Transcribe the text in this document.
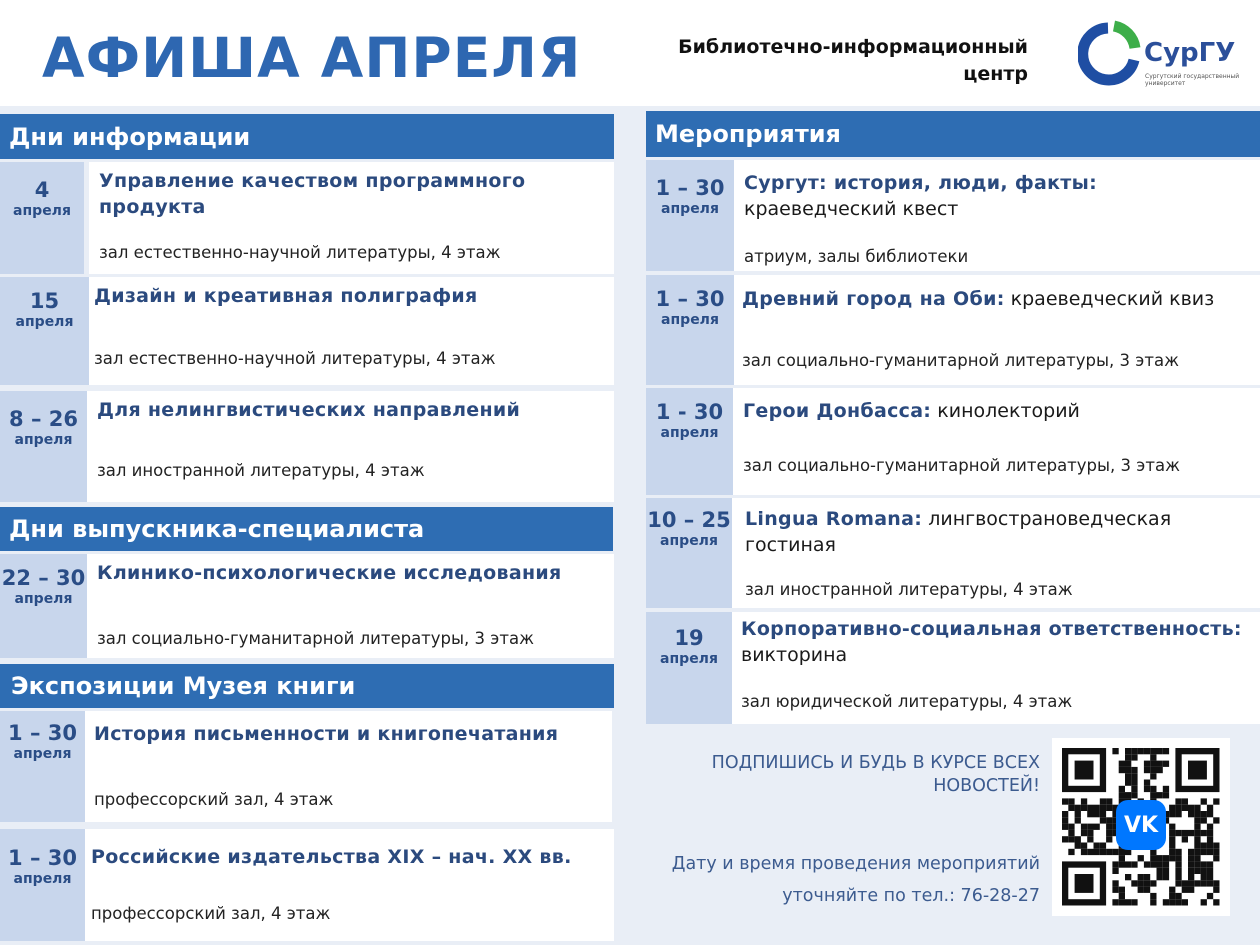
АФИША АПРЕЛЯ	Библиотечно-информационный
центр
СурГУ
Сургутский государственный университет
Дни информации
4
апреля
Управление качеством программного продукта
зал естественно-научной литературы, 4 этаж
15
апреля
Дизайн и креативная полиграфия
зал естественно-научной литературы, 4 этаж
8 – 26
апреля
Для нелингвистических направлений
зал иностранной литературы, 4 этаж
Дни выпускника-специалиста
22 – 30
апреля
Клинико-психологические исследования
зал социально-гуманитарной литературы, 3 этаж
Экспозиции Музея книги
1 – 30
апреля
История письменности и книгопечатания
профессорский зал, 4 этаж
1 – 30
апреля
Российские издательства XIX – нач. XX вв.
профессорский зал, 4 этаж
Мероприятия
1 – 30
апреля
Сургут: история, люди, факты: краеведческий квест
атриум, залы библиотеки
1 – 30
апреля
Древний город на Оби: краеведческий квиз
зал социально-гуманитарной литературы, 3 этаж
1 - 30
апреля
Герои Донбасса: кинолекторий
зал социально-гуманитарной литературы, 3 этаж
10 – 25
апреля
Lingua Romana: лингвострановедческая гостиная
зал иностранной литературы, 4 этаж
19
апреля
Корпоративно-социальная ответственность: викторина
зал юридической литературы, 4 этаж
ПОДПИШИСЬ И БУДЬ В КУРСЕ ВСЕХ НОВОСТЕЙ!
Дату и время проведения мероприятий
уточняйте по тел.: 76-28-27
VK
